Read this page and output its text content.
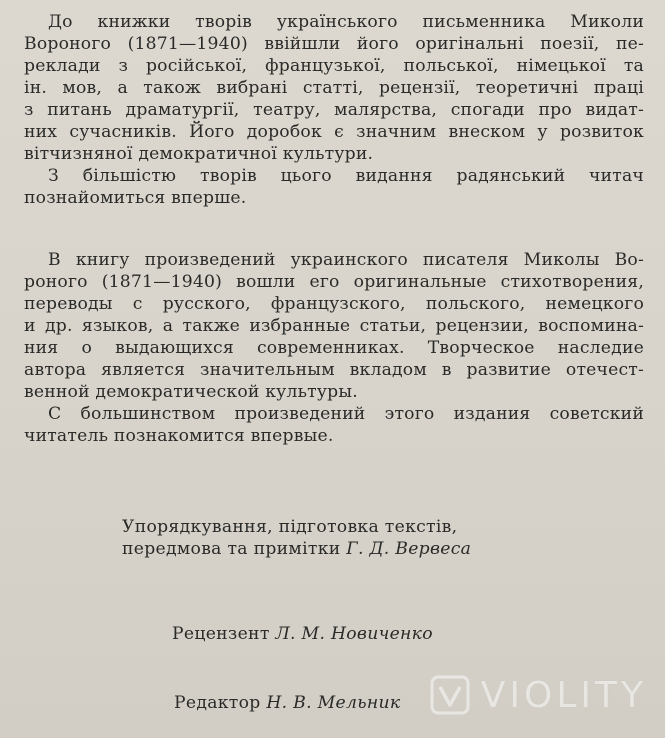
До книжки творів українського письменника Миколи
Вороного (1871—1940) ввійшли його оригінальні поезії, пе-
реклади з російської, французької, польської, німецької та
ін. мов, а також вибрані статті, рецензії, теоретичні праці
з питань драматургії, театру, малярства, спогади про видат-
них сучасників. Його доробок є значним внеском у розвиток
вітчизняної демократичної культури.
З більшістю творів цього видання радянський читач
познайомиться вперше.
В книгу произведений украинского писателя Миколы Во-
роного (1871—1940) вошли его оригинальные стихотворения,
переводы с русского, французского, польского, немецкого
и др. языков, а также избранные статьи, рецензии, воспомина-
ния о выдающихся современниках. Творческое наследие
автора является значительным вкладом в развитие отечест-
венной демократической культуры.
С большинством произведений этого издания советский
читатель познакомится впервые.
Упорядкування, підготовка текстів,
передмова та примітки Г. Д. Вервеса
Рецензент Л. М. Новиченко
Редактор Н. В. Мельник VIOLITY
